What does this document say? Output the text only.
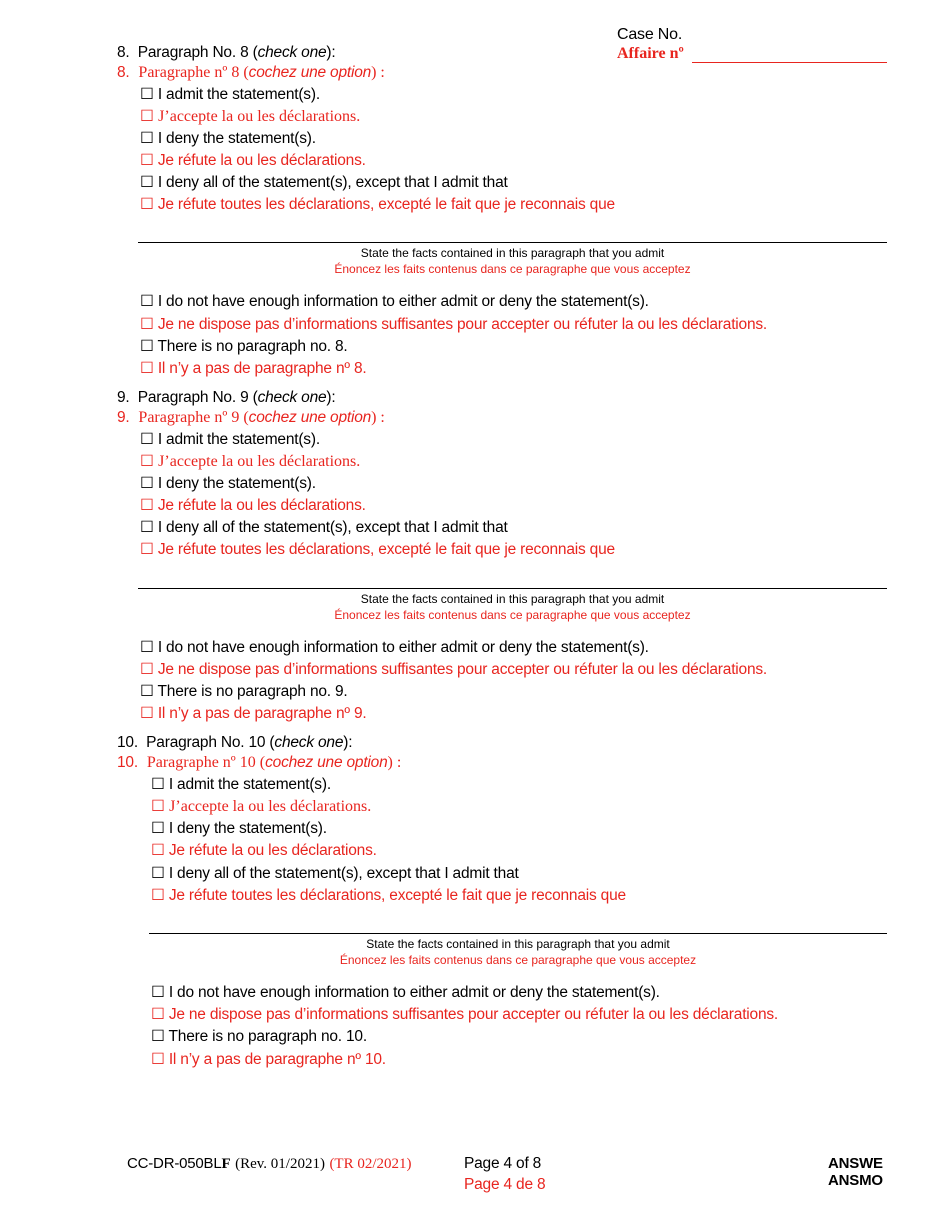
Case No.
Affaire nº
8. Paragraph No. 8 (check one):
8. Paragraphe nº 8 (cochez une option) :
☐ I admit the statement(s).
☐ J’accepte la ou les déclarations.
☐ I deny the statement(s).
☐ Je réfute la ou les déclarations.
☐ I deny all of the statement(s), except that I admit that
☐ Je réfute toutes les déclarations, excepté le fait que je reconnais que
State the facts contained in this paragraph that you admit
Énoncez les faits contenus dans ce paragraphe que vous acceptez
☐ I do not have enough information to either admit or deny the statement(s).
☐ Je ne dispose pas d’informations suffisantes pour accepter ou réfuter la ou les déclarations.
☐ There is no paragraph no. 8.
☐ Il n’y a pas de paragraphe nº 8.
9. Paragraph No. 9 (check one):
9. Paragraphe nº 9 (cochez une option) :
☐ I admit the statement(s).
☐ J’accepte la ou les déclarations.
☐ I deny the statement(s).
☐ Je réfute la ou les déclarations.
☐ I deny all of the statement(s), except that I admit that
☐ Je réfute toutes les déclarations, excepté le fait que je reconnais que
State the facts contained in this paragraph that you admit
Énoncez les faits contenus dans ce paragraphe que vous acceptez
☐ I do not have enough information to either admit or deny the statement(s).
☐ Je ne dispose pas d’informations suffisantes pour accepter ou réfuter la ou les déclarations.
☐ There is no paragraph no. 9.
☐ Il n’y a pas de paragraphe nº 9.
10. Paragraph No. 10 (check one):
10. Paragraphe nº 10 (cochez une option) :
☐ I admit the statement(s).
☐ J’accepte la ou les déclarations.
☐ I deny the statement(s).
☐ Je réfute la ou les déclarations.
☐ I deny all of the statement(s), except that I admit that
☐ Je réfute toutes les déclarations, excepté le fait que je reconnais que
State the facts contained in this paragraph that you admit
Énoncez les faits contenus dans ce paragraphe que vous acceptez
☐ I do not have enough information to either admit or deny the statement(s).
☐ Je ne dispose pas d’informations suffisantes pour accepter ou réfuter la ou les déclarations.
☐ There is no paragraph no. 10.
☐ Il n’y a pas de paragraphe nº 10.
CC-DR-050BLF (Rev. 01/2021) (TR 02/2021)	Page 4 of 8
Page 4 de 8
ANSWE
ANSMO
